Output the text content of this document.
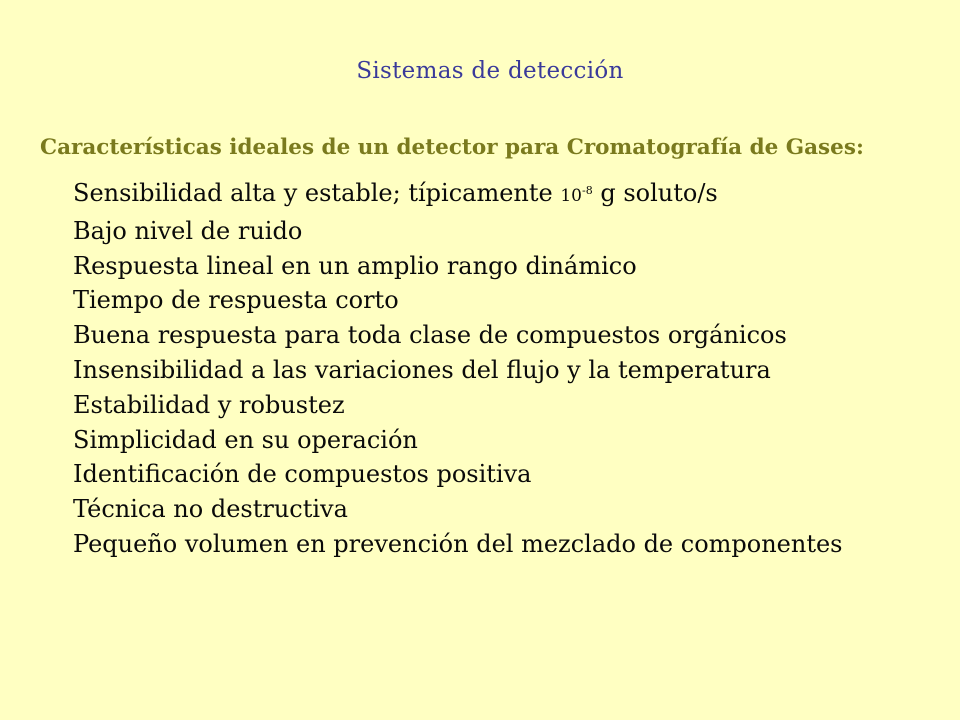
Sistemas de detección
Características ideales de un detector para Cromatografía de Gases:
Sensibilidad alta y estable; típicamente $10^{-8}$ g soluto/s
Bajo nivel de ruido
Respuesta lineal en un amplio rango dinámico
Tiempo de respuesta corto
Buena respuesta para toda clase de compuestos orgánicos
Insensibilidad a las variaciones del flujo y la temperatura
Estabilidad y robustez
Simplicidad en su operación
Identificación de compuestos positiva
Técnica no destructiva
Pequeño volumen en prevención del mezclado de componentes
